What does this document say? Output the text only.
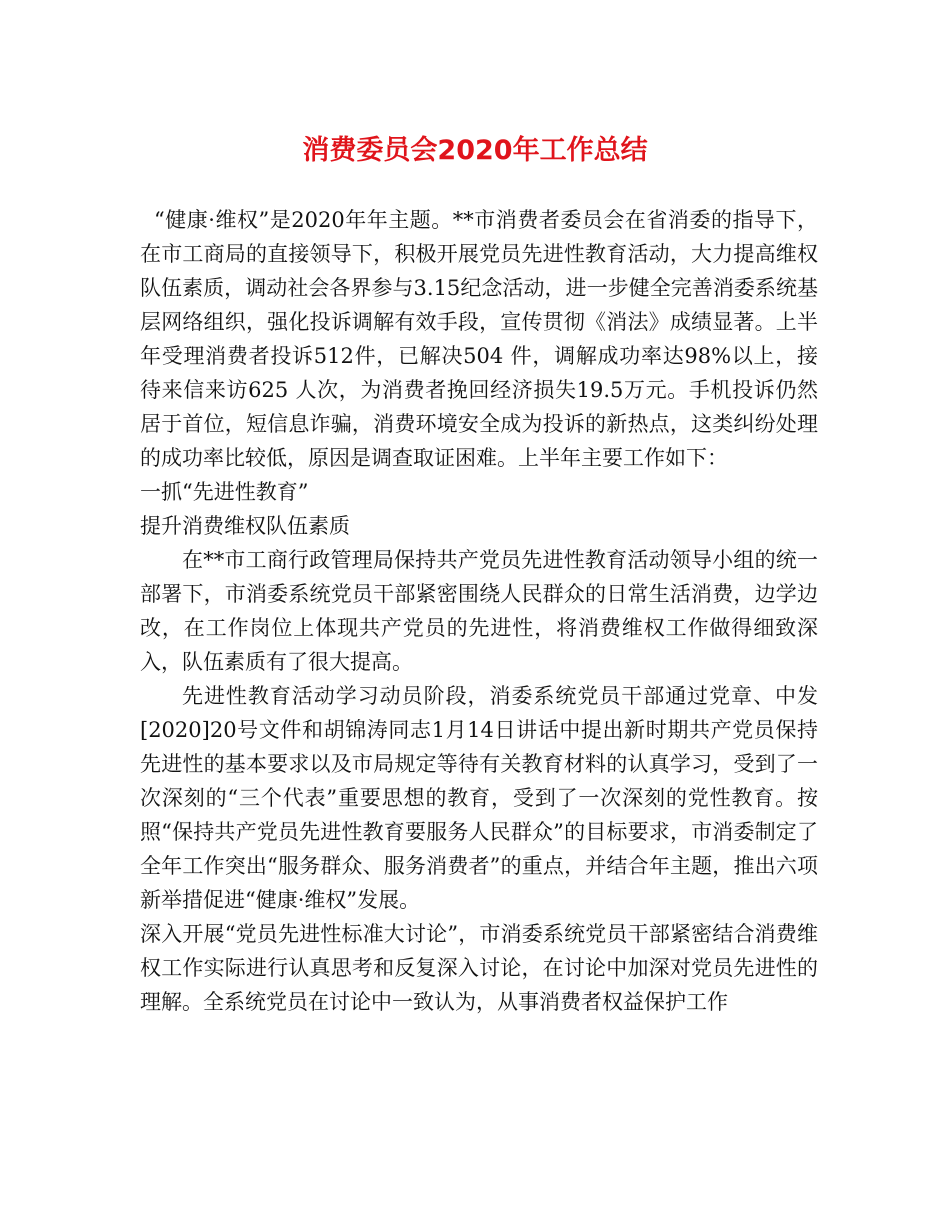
消费委员会2020年工作总结

“健康·维权”是2020年年主题。**市消费者委员会在省消委的指导下，在市工商局的直接领导下，积极开展党员先进性教育活动，大力提高维权队伍素质，调动社会各界参与3.15纪念活动，进一步健全完善消委系统基层网络组织，强化投诉调解有效手段，宣传贯彻《消法》成绩显著。上半年受理消费者投诉512件，已解决504 件，调解成功率达98%以上，接待来信来访625 人次，为消费者挽回经济损失19.5万元。手机投诉仍然居于首位，短信息诈骗，消费环境安全成为投诉的新热点，这类纠纷处理的成功率比较低，原因是调查取证困难。上半年主要工作如下：

一抓“先进性教育”

提升消费维权队伍素质

在**市工商行政管理局保持共产党员先进性教育活动领导小组的统一部署下，市消委系统党员干部紧密围绕人民群众的日常生活消费，边学边改，在工作岗位上体现共产党员的先进性，将消费维权工作做得细致深入，队伍素质有了很大提高。

先进性教育活动学习动员阶段，消委系统党员干部通过党章、中发[2020]20号文件和胡锦涛同志1月14日讲话中提出新时期共产党员保持先进性的基本要求以及市局规定等待有关教育材料的认真学习，受到了一次深刻的“三个代表”重要思想的教育，受到了一次深刻的党性教育。按照“保持共产党员先进性教育要服务人民群众”的目标要求，市消委制定了全年工作突出“服务群众、服务消费者”的重点，并结合年主题，推出六项新举措促进“健康·维权”发展。

深入开展“党员先进性标准大讨论”，市消委系统党员干部紧密结合消费维权工作实际进行认真思考和反复深入讨论，在讨论中加深对党员先进性的理解。全系统党员在讨论中一致认为，从事消费者权益保护工作
